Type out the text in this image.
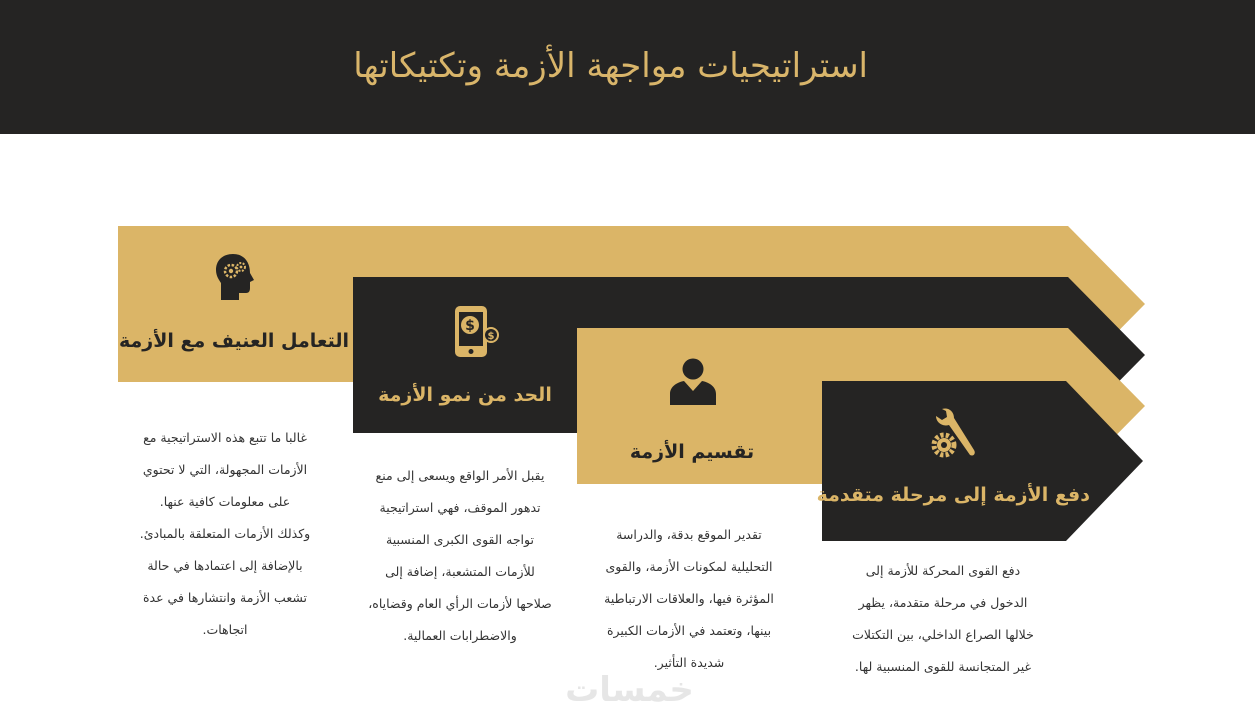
استراتيجيات مواجهة الأزمة وتكتيكاتها
التعامل العنيف مع الأزمة
$
$
الحد من نمو الأزمة
تقسيم الأزمة
دفع الأزمة إلى مرحلة متقدمة
غالبا ما تتبع هذه الاستراتيجية مع
الأزمات المجهولة، التي لا تحتوي
على معلومات كافية عنها.
وكذلك الأزمات المتعلقة بالمبادئ.
بالإضافة إلى اعتمادها في حالة
تشعب الأزمة وانتشارها في عدة
اتجاهات.
يقبل الأمر الواقع ويسعى إلى منع
تدهور الموقف، فهي استراتيجية
تواجه القوى الكبرى المنسبية
للأزمات المتشعبة، إضافة إلى
صلاحها لأزمات الرأي العام وقضاياه،
والاضطرابات العمالية.
تقدير الموقع بدقة، والدراسة
التحليلية لمكونات الأزمة، والقوى
المؤثرة فيها، والعلاقات الارتباطية
بينها، وتعتمد في الأزمات الكبيرة
شديدة التأثير.
دفع القوى المحركة للأزمة إلى
الدخول في مرحلة متقدمة، يظهر
خلالها الصراع الداخلي، بين التكتلات
غير المتجانسة للقوى المنسبية لها.
خمسات
